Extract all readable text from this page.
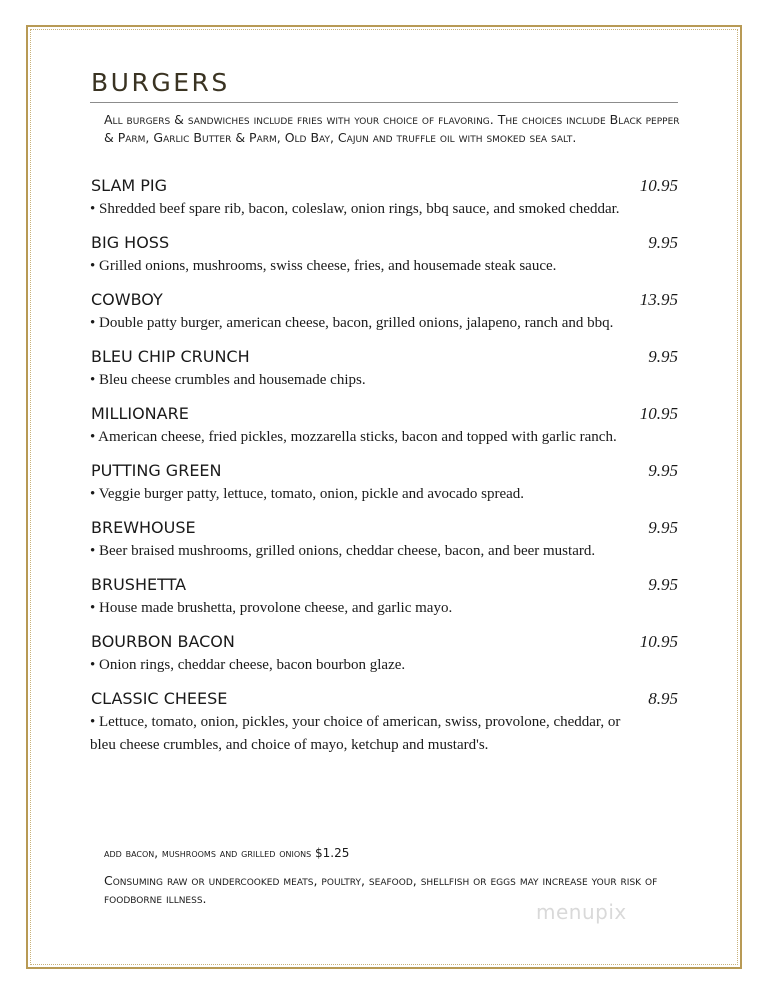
BURGERS

All burgers & sandwiches include fries with your choice of flavoring. The choices include Black pepper & Parm, Garlic Butter & Parm, Old Bay, Cajun and truffle oil with smoked sea salt.

SLAM PIG	10.95

• Shredded beef spare rib, bacon, coleslaw, onion rings, bbq sauce, and smoked cheddar.

BIG HOSS	9.95

• Grilled onions, mushrooms, swiss cheese, fries, and housemade steak sauce.

COWBOY	13.95

• Double patty burger, american cheese, bacon, grilled onions, jalapeno, ranch and bbq.

BLEU CHIP CRUNCH	9.95

• Bleu cheese crumbles and housemade chips.

MILLIONARE	10.95

• American cheese, fried pickles, mozzarella sticks, bacon and topped with garlic ranch.

PUTTING GREEN	9.95

• Veggie burger patty, lettuce, tomato, onion, pickle and avocado spread.

BREWHOUSE	9.95

• Beer braised mushrooms, grilled onions, cheddar cheese, bacon, and beer mustard.

BRUSHETTA	9.95

• House made brushetta, provolone cheese, and garlic mayo.

BOURBON BACON	10.95

• Onion rings, cheddar cheese, bacon bourbon glaze.

CLASSIC CHEESE	8.95

• Lettuce, tomato, onion, pickles, your choice of american, swiss, provolone, cheddar, or bleu cheese crumbles, and choice of mayo, ketchup and mustard's.

add bacon, mushrooms and grilled onions $1.25

Consuming raw or undercooked meats, poultry, seafood, shellfish or eggs may increase your risk of foodborne illness.

menupix
